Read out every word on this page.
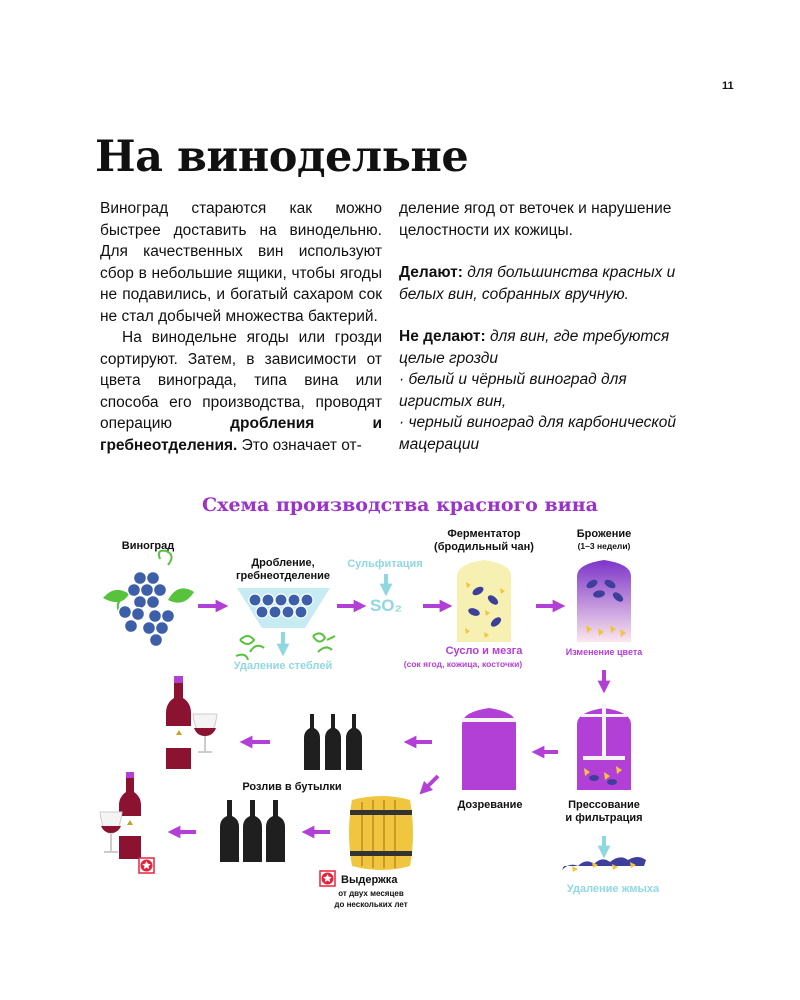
11
На винодельне

Виноград стараются как можно быстрее доставить на винодельню. Для качественных вин используют сбор в небольшие ящики, чтобы ягоды не подавились, и богатый сахаром сок не стал добычей множества бактерий.

На винодельне ягоды или грозди сортируют. Затем, в зависимости от цвета винограда, типа вина или способа его производства, проводят операцию дробления и гребнеотделения. Это означает от-

деление ягод от веточек и нарушение целостности их кожицы.

Делают: для большинства красных и белых вин, собранных вручную.

Не делают: для вин, где требуются целые грозди

· белый и чёрный виноград для игристых вин,

· черный виноград для карбонической мацерации

Схема производства красного вина
Виноград
Дробление,
гребнеотделение
Сульфитация
SO₂
Ферментатор
(бродильный чан)
Брожение
(1–3 недели)
Удаление стеблей
Сусло и мезга
(сок ягод, кожица, косточки)
Изменение цвета
Дозревание	Прессование
и фильтрация
Удаление жмыха
Розлив в бутылки
Выдержка
от двух месяцев
до нескольких лет
